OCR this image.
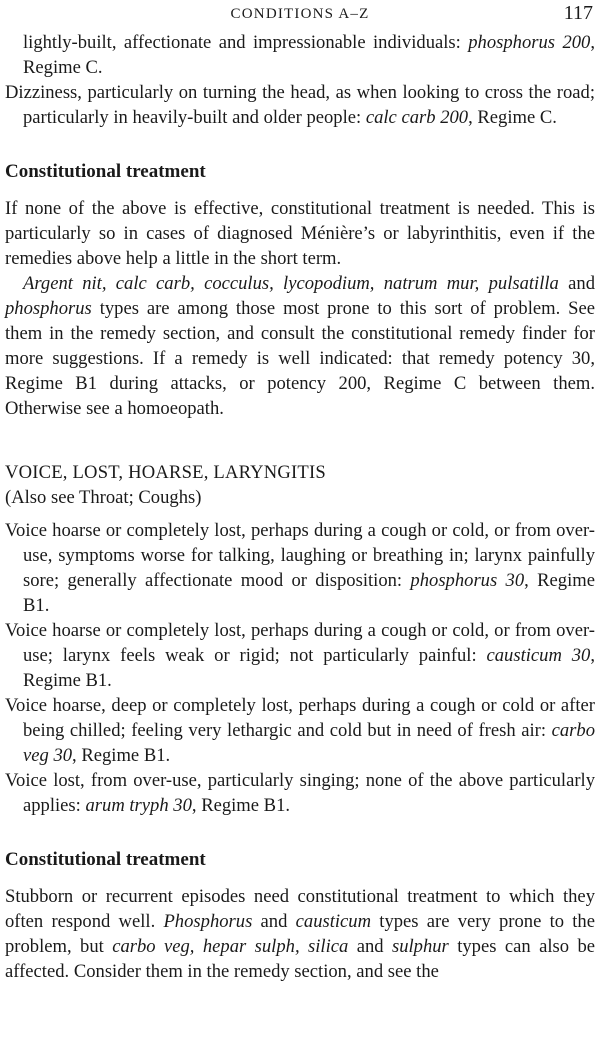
CONDITIONS A–Z	117

lightly-built, affectionate and impressionable individuals: phosphorus 200, Regime C.

Dizziness, particularly on turning the head, as when looking to cross the road; particularly in heavily-built and older people: calc carb 200, Regime C.

Constitutional treatment

If none of the above is effective, constitutional treatment is needed. This is particularly so in cases of diagnosed Ménière’s or labyrinthitis, even if the remedies above help a little in the short term.

Argent nit, calc carb, cocculus, lycopodium, natrum mur, pulsatilla and phosphorus types are among those most prone to this sort of problem. See them in the remedy section, and consult the constitutional remedy finder for more suggestions. If a remedy is well indicated: that remedy potency 30, Regime B1 during attacks, or potency 200, Regime C between them. Otherwise see a homoeopath.

VOICE, LOST, HOARSE, LARYNGITIS

(Also see Throat; Coughs)

Voice hoarse or completely lost, perhaps during a cough or cold, or from over-use, symptoms worse for talking, laughing or breathing in; larynx painfully sore; generally affectionate mood or disposition: phosphorus 30, Regime B1.

Voice hoarse or completely lost, perhaps during a cough or cold, or from over-use; larynx feels weak or rigid; not particularly painful: causticum 30, Regime B1.

Voice hoarse, deep or completely lost, perhaps during a cough or cold or after being chilled; feeling very lethargic and cold but in need of fresh air: carbo veg 30, Regime B1.

Voice lost, from over-use, particularly singing; none of the above particularly applies: arum tryph 30, Regime B1.

Constitutional treatment

Stubborn or recurrent episodes need constitutional treatment to which they often respond well. Phosphorus and causticum types are very prone to the problem, but carbo veg, hepar sulph, silica and sulphur types can also be affected. Consider them in the remedy section, and see the
